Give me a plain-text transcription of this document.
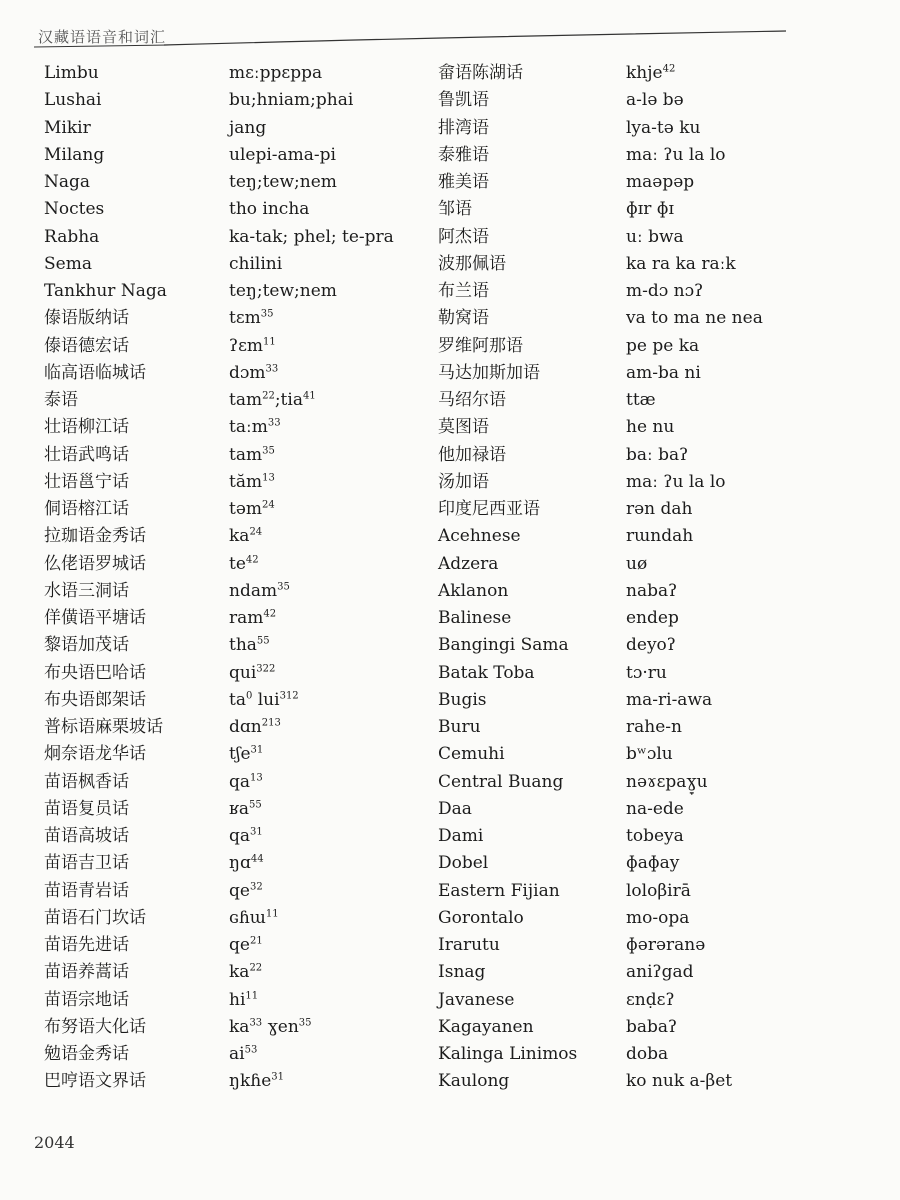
汉藏语语音和词汇
Limbu	mɛːppɛppa
Lushai	bu;hniam;phai
Mikir	jang
Milang	ulepi-ama-pi
Naga	teŋ;tew;nem
Noctes	tho incha
Rabha	ka-tak; phel; te-pra
Sema	chilini
Tankhur Naga	teŋ;tew;nem
傣语版纳话	tɛm$^{35}$
傣语德宏话	ʔɛm$^{11}$
临高语临城话	dɔm$^{33}$
泰语	tam$^{22}$;tia$^{41}$
壮语柳江话	taːm$^{33}$
壮语武鸣话	tam$^{35}$
壮语邕宁话	tăm$^{13}$
侗语榕江话	təm$^{24}$
拉珈语金秀话	$ka^{24}$
仫佬语罗城话	$te^{42}$
水语三洞话	ndam$^{35}$
佯僙语平塘话	ram$^{42}$
黎语加茂话	tha$^{55}$
布央语巴哈话	qui$^{322}$
布央语郎架话	$ta^0$ lui$^{312}$
普标语麻栗坡话	dɑn$^{213}$
炯奈语龙华话	tʃe$^{31}$
苗语枫香话	$qa^{13}$
苗语复员话	ʁa$^{55}$
苗语高坡话	$qa^{31}$
苗语吉卫话	ŋɑ$^{44}$
苗语青岩话	$qe^{32}$
苗语石门坎话	ɢɦɯ$^{11}$
苗语先进话	$qe^{21}$
苗语养蒿话	$ka^{22}$
苗语宗地话	$hi^{11}$
布努语大化话	$ka^{33}$ ɣen$^{35}$
勉语金秀话	$ai^{53}$
巴哼语文界话	ŋkɦe$^{31}$
畲语陈湖话	khje$^{42}$
鲁凯语	a-lə bə
排湾语	lya-tə ku
泰雅语	maː ʔu la lo
雅美语	maəpəp
邹语	ɸɪr ɸɪ
阿杰语	uː bwa
波那佩语	ka ra ka raːk
布兰语	m-dɔ nɔʔ
勒窝语	va to ma ne nea
罗维阿那语	pe pe ka
马达加斯加语	am-ba ni
马绍尔语	ttæ
莫图语	he nu
他加禄语	baː baʔ
汤加语	maː ʔu la lo
印度尼西亚语	rən dah
Acehnese	rɯndah
Adzera	uø
Aklanon	nabaʔ
Balinese	endep
Bangingi Sama	deyoʔ
Batak Toba	tɔ·ru
Bugis	ma-ri-awa
Buru	rahe-n
Cemuhi	bʷɔlu
Central Buang	nəɤɛpaɣ̞u
Daa	na-ede
Dami	tobeya
Dobel	ɸaɸay
Eastern Fijian	loloβirā
Gorontalo	mo-opa
Irarutu	ɸərəranə
Isnag	aniʔgad
Javanese	ɛnḍɛʔ
Kagayanen	babaʔ
Kalinga Linimos	doba
Kaulong	ko nuk a-βet
2044
